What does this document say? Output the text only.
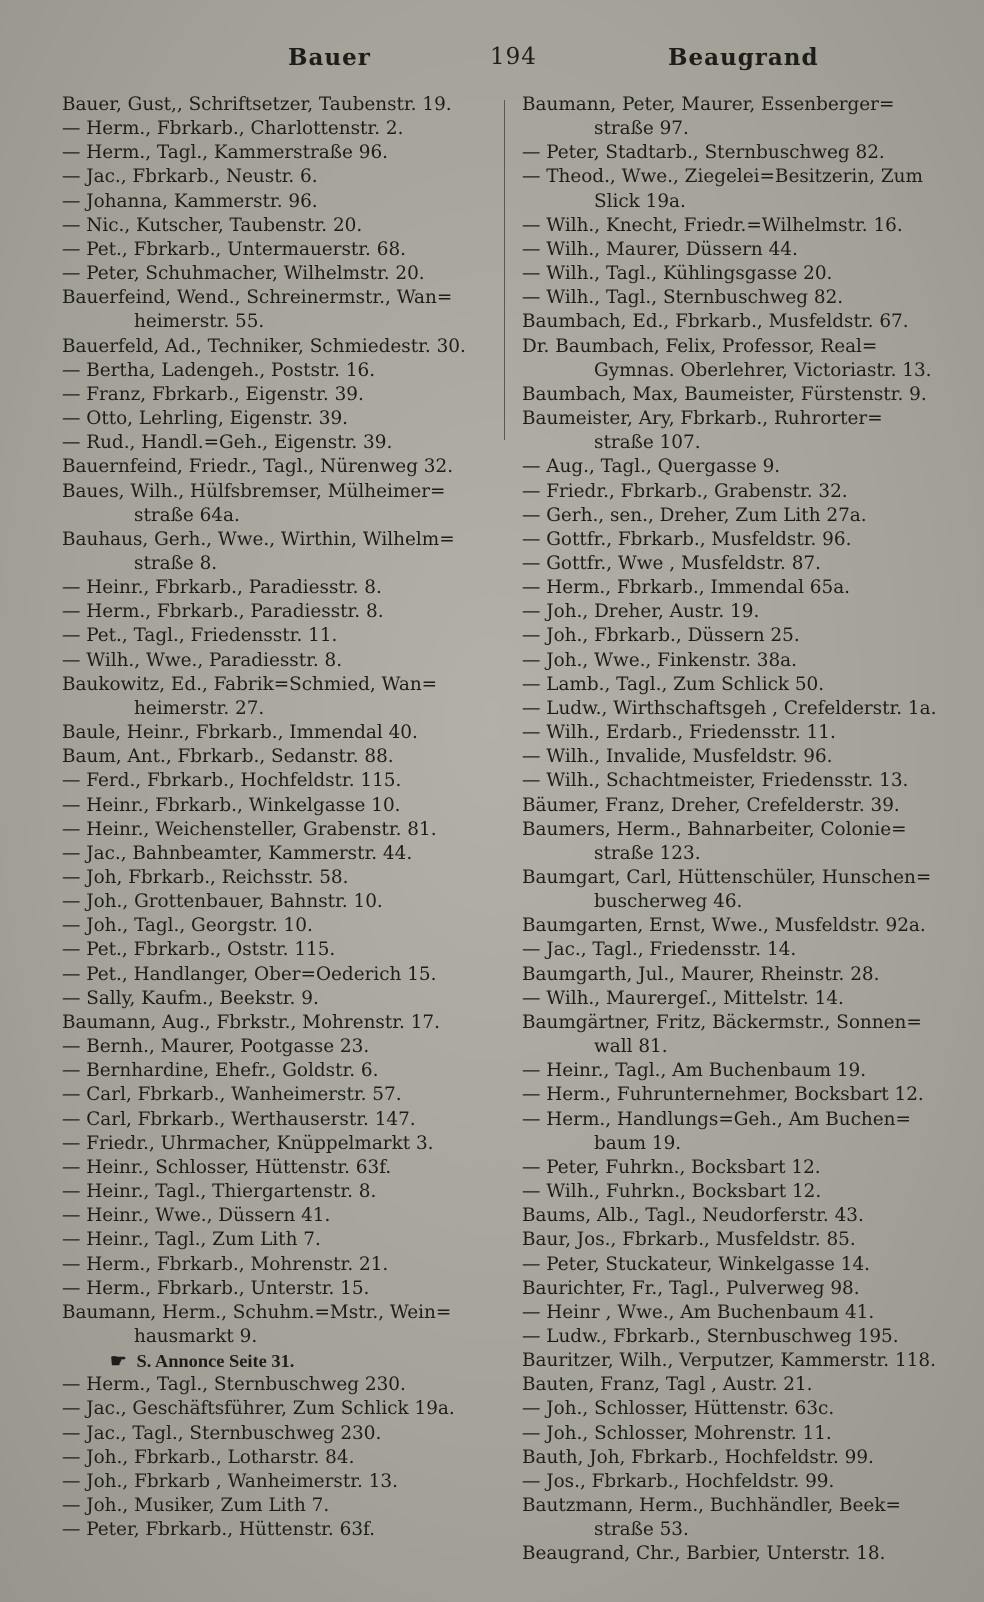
Bauer	194	Beaugrand
Bauer, Gust,, Schriftsetzer, Taubenstr. 19.
— Herm., Fbrkarb., Charlottenstr. 2.
— Herm., Tagl., Kammerstraße 96.
— Jac., Fbrkarb., Neustr. 6.
— Johanna, Kammerstr. 96.
— Nic., Kutscher, Taubenstr. 20.
— Pet., Fbrkarb., Untermauerstr. 68.
— Peter, Schuhmacher, Wilhelmstr. 20.
Bauerfeind, Wend., Schreinermstr., Wan=
heimerstr. 55.
Bauerfeld, Ad., Techniker, Schmiedestr. 30.
— Bertha, Ladengeh., Poststr. 16.
— Franz, Fbrkarb., Eigenstr. 39.
— Otto, Lehrling, Eigenstr. 39.
— Rud., Handl.=Geh., Eigenstr. 39.
Bauernfeind, Friedr., Tagl., Nürenweg 32.
Baues, Wilh., Hülfsbremser, Mülheimer=
straße 64a.
Bauhaus, Gerh., Wwe., Wirthin, Wilhelm=
straße 8.
— Heinr., Fbrkarb., Paradiesstr. 8.
— Herm., Fbrkarb., Paradiesstr. 8.
— Pet., Tagl., Friedensstr. 11.
— Wilh., Wwe., Paradiesstr. 8.
Baukowitz, Ed., Fabrik=Schmied, Wan=
heimerstr. 27.
Baule, Heinr., Fbrkarb., Immendal 40.
Baum, Ant., Fbrkarb., Sedanstr. 88.
— Ferd., Fbrkarb., Hochfeldstr. 115.
— Heinr., Fbrkarb., Winkelgasse 10.
— Heinr., Weichensteller, Grabenstr. 81.
— Jac., Bahnbeamter, Kammerstr. 44.
— Joh, Fbrkarb., Reichsstr. 58.
— Joh., Grottenbauer, Bahnstr. 10.
— Joh., Tagl., Georgstr. 10.
— Pet., Fbrkarb., Oststr. 115.
— Pet., Handlanger, Ober=Oederich 15.
— Sally, Kaufm., Beekstr. 9.
Baumann, Aug., Fbrkstr., Mohrenstr. 17.
— Bernh., Maurer, Pootgasse 23.
— Bernhardine, Ehefr., Goldstr. 6.
— Carl, Fbrkarb., Wanheimerstr. 57.
— Carl, Fbrkarb., Werthauserstr. 147.
— Friedr., Uhrmacher, Knüppelmarkt 3.
— Heinr., Schlosser, Hüttenstr. 63f.
— Heinr., Tagl., Thiergartenstr. 8.
— Heinr., Wwe., Düssern 41.
— Heinr., Tagl., Zum Lith 7.
— Herm., Fbrkarb., Mohrenstr. 21.
— Herm., Fbrkarb., Unterstr. 15.
Baumann, Herm., Schuhm.=Mstr., Wein=
hausmarkt 9.
☛ S. Annonce Seite 31.
— Herm., Tagl., Sternbuschweg 230.
— Jac., Geschäftsführer, Zum Schlick 19a.
— Jac., Tagl., Sternbuschweg 230.
— Joh., Fbrkarb., Lotharstr. 84.
— Joh., Fbrkarb , Wanheimerstr. 13.
— Joh., Musiker, Zum Lith 7.
— Peter, Fbrkarb., Hüttenstr. 63f.
Baumann, Peter, Maurer, Essenberger=
straße 97.
— Peter, Stadtarb., Sternbuschweg 82.
— Theod., Wwe., Ziegelei=Besitzerin, Zum
Slick 19a.
— Wilh., Knecht, Friedr.=Wilhelmstr. 16.
— Wilh., Maurer, Düssern 44.
— Wilh., Tagl., Kühlingsgasse 20.
— Wilh., Tagl., Sternbuschweg 82.
Baumbach, Ed., Fbrkarb., Musfeldstr. 67.
Dr. Baumbach, Felix, Professor, Real=
Gymnas. Oberlehrer, Victoriastr. 13.
Baumbach, Max, Baumeister, Fürstenstr. 9.
Baumeister, Ary, Fbrkarb., Ruhrorter=
straße 107.
— Aug., Tagl., Quergasse 9.
— Friedr., Fbrkarb., Grabenstr. 32.
— Gerh., sen., Dreher, Zum Lith 27a.
— Gottfr., Fbrkarb., Musfeldstr. 96.
— Gottfr., Wwe , Musfeldstr. 87.
— Herm., Fbrkarb., Immendal 65a.
— Joh., Dreher, Austr. 19.
— Joh., Fbrkarb., Düssern 25.
— Joh., Wwe., Finkenstr. 38a.
— Lamb., Tagl., Zum Schlick 50.
— Ludw., Wirthschaftsgeh , Crefelderstr. 1a.
— Wilh., Erdarb., Friedensstr. 11.
— Wilh., Invalide, Musfeldstr. 96.
— Wilh., Schachtmeister, Friedensstr. 13.
Bäumer, Franz, Dreher, Crefelderstr. 39.
Baumers, Herm., Bahnarbeiter, Colonie=
straße 123.
Baumgart, Carl, Hüttenschüler, Hunschen=
buscherweg 46.
Baumgarten, Ernst, Wwe., Musfeldstr. 92a.
— Jac., Tagl., Friedensstr. 14.
Baumgarth, Jul., Maurer, Rheinstr. 28.
— Wilh., Maurergeſ., Mittelstr. 14.
Baumgärtner, Fritz, Bäckermstr., Sonnen=
wall 81.
— Heinr., Tagl., Am Buchenbaum 19.
— Herm., Fuhrunternehmer, Bocksbart 12.
— Herm., Handlungs=Geh., Am Buchen=
baum 19.
— Peter, Fuhrkn., Bocksbart 12.
— Wilh., Fuhrkn., Bocksbart 12.
Baums, Alb., Tagl., Neudorferstr. 43.
Baur, Jos., Fbrkarb., Musfeldstr. 85.
— Peter, Stuckateur, Winkelgasse 14.
Baurichter, Fr., Tagl., Pulverweg 98.
— Heinr , Wwe., Am Buchenbaum 41.
— Ludw., Fbrkarb., Sternbuschweg 195.
Bauritzer, Wilh., Verputzer, Kammerstr. 118.
Bauten, Franz, Tagl , Austr. 21.
— Joh., Schlosser, Hüttenstr. 63c.
— Joh., Schlosser, Mohrenstr. 11.
Bauth, Joh, Fbrkarb., Hochfeldstr. 99.
— Jos., Fbrkarb., Hochfeldstr. 99.
Bautzmann, Herm., Buchhändler, Beek=
straße 53.
Beaugrand, Chr., Barbier, Unterstr. 18.
